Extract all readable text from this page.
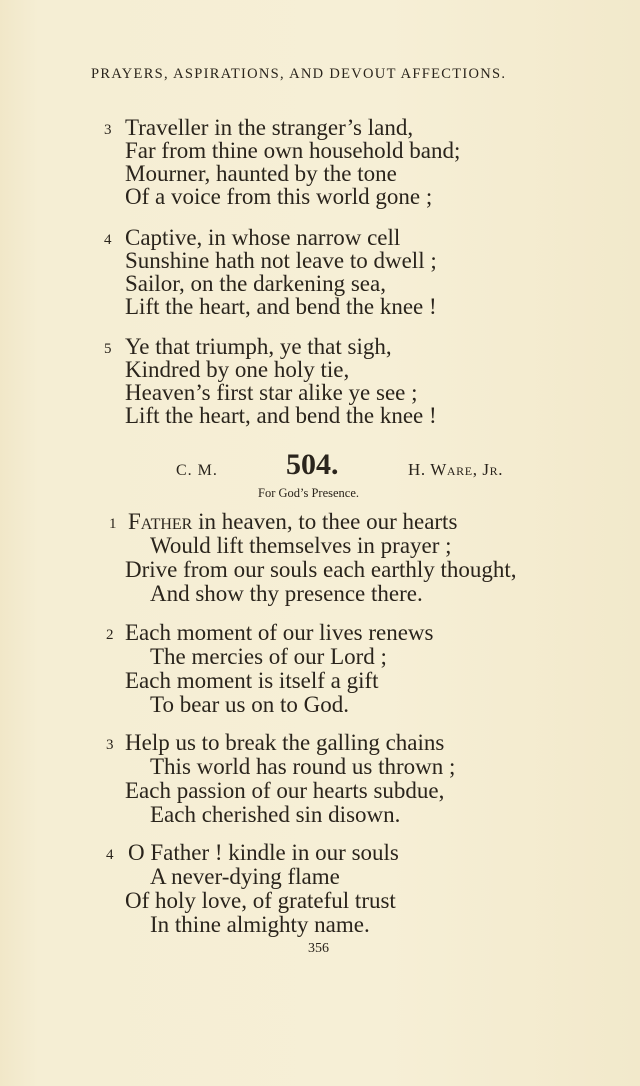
PRAYERS, ASPIRATIONS, AND DEVOUT AFFECTIONS.
3 Traveller in the stranger’s land,
Far from thine own household band;
Mourner, haunted by the tone
Of a voice from this world gone ;
4 Captive, in whose narrow cell
Sunshine hath not leave to dwell ;
Sailor, on the darkening sea,
Lift the heart, and bend the knee !
5 Ye that triumph, ye that sigh,
Kindred by one holy tie,
Heaven’s first star alike ye see ;
Lift the heart, and bend the knee !
C. M. 504.	H. Ware, Jr.
For God’s Presence.
1 Father in heaven, to thee our hearts
Would lift themselves in prayer ;
Drive from our souls each earthly thought,
And show thy presence there.
2 Each moment of our lives renews
The mercies of our Lord ;
Each moment is itself a gift
To bear us on to God.
3 Help us to break the galling chains
This world has round us thrown ;
Each passion of our hearts subdue,
Each cherished sin disown.
4 O Father ! kindle in our souls
A never-dying flame
Of holy love, of grateful trust
In thine almighty name.
356
